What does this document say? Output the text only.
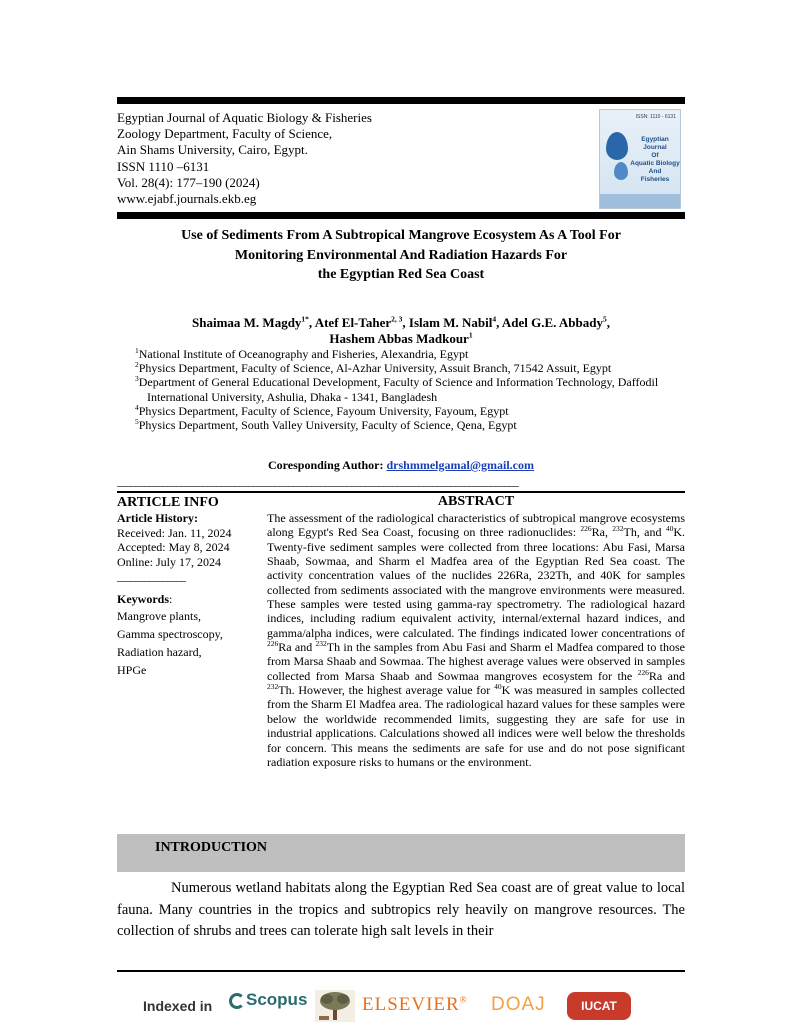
Egyptian Journal of Aquatic Biology & Fisheries
Zoology Department, Faculty of Science,
Ain Shams University, Cairo, Egypt.
ISSN 1110 –6131
Vol. 28(4): 177–190 (2024)
www.ejabf.journals.ekb.eg
ISSN: 1110 - 6131
Egyptian Journal
Of
Aquatic Biology
And
Fisheries
Use of Sediments From A Subtropical Mangrove Ecosystem As A Tool For
Monitoring Environmental And Radiation Hazards For
the Egyptian Red Sea Coast
Shaimaa M. Magdy$^{1*}$, Atef El-Taher$^{2, 3}$, Islam M. Nabil$^4$, Adel G.E. Abbady$^5$,
Hashem Abbas Madkour$^1$
$^1$National Institute of Oceanography and Fisheries, Alexandria, Egypt
$^2$Physics Department, Faculty of Science, Al-Azhar University, Assuit Branch, 71542 Assuit, Egypt
$^3$Department of General Educational Development, Faculty of Science and Information Technology, Daffodil
International University, Ashulia, Dhaka - 1341, Bangladesh
$^4$Physics Department, Faculty of Science, Fayoum University, Fayoum, Egypt
$^5$Physics Department, South Valley University, Faculty of Science, Qena, Egypt
Coresponding Author: drshmmelgamal@gmail.com
_________________________________________________________________________________________
ARTICLE INFO
Article History:
Received: Jan. 11, 2024
Accepted: May 8, 2024
Online: July 17, 2024
_______________
Keywords:
Mangrove plants,
Gamma spectroscopy,
Radiation hazard,
HPGe
ABSTRACT
The assessment of the radiological characteristics of subtropical mangrove ecosystems along Egypt's Red Sea Coast, focusing on three radionuclides: $^{226}$Ra, $^{232}$Th, and $^{40}$K. Twenty-five sediment samples were collected from three locations: Abu Fasi, Marsa Shaab, Sowmaa, and Sharm el Madfea area of the Egyptian Red Sea coast. The activity concentration values of the nuclides 226Ra, 232Th, and 40K for samples collected from sediments associated with the mangrove environments were measured. These samples were tested using gamma-ray spectrometry. The radiological hazard indices, including radium equivalent activity, internal/external hazard indices, and gamma/alpha indices, were calculated. The findings indicated lower concentrations of $^{226}$Ra and $^{232}$Th in the samples from Abu Fasi and Sharm el Madfea compared to those from Marsa Shaab and Sowmaa. The highest average values were observed in samples collected from Marsa Shaab and Sowmaa mangroves ecosystem for the $^{226}$Ra and $^{232}$Th. However, the highest average value for $^{40}$K was measured in samples collected from the Sharm El Madfea area. The radiological hazard values for these samples were below the worldwide recommended limits, suggesting they are safe for use in industrial applications. Calculations showed all indices were well below the thresholds for concern. This means the sediments are safe for use and do not pose significant radiation exposure risks to humans or the environment.
INTRODUCTION
Numerous wetland habitats along the Egyptian Red Sea coast are of great value to local fauna. Many countries in the tropics and subtropics rely heavily on mangrove resources. The collection of shrubs and trees can tolerate high salt levels in their
Indexed in	Scopus	ELSEVIER® DOAJ	IUCAT
